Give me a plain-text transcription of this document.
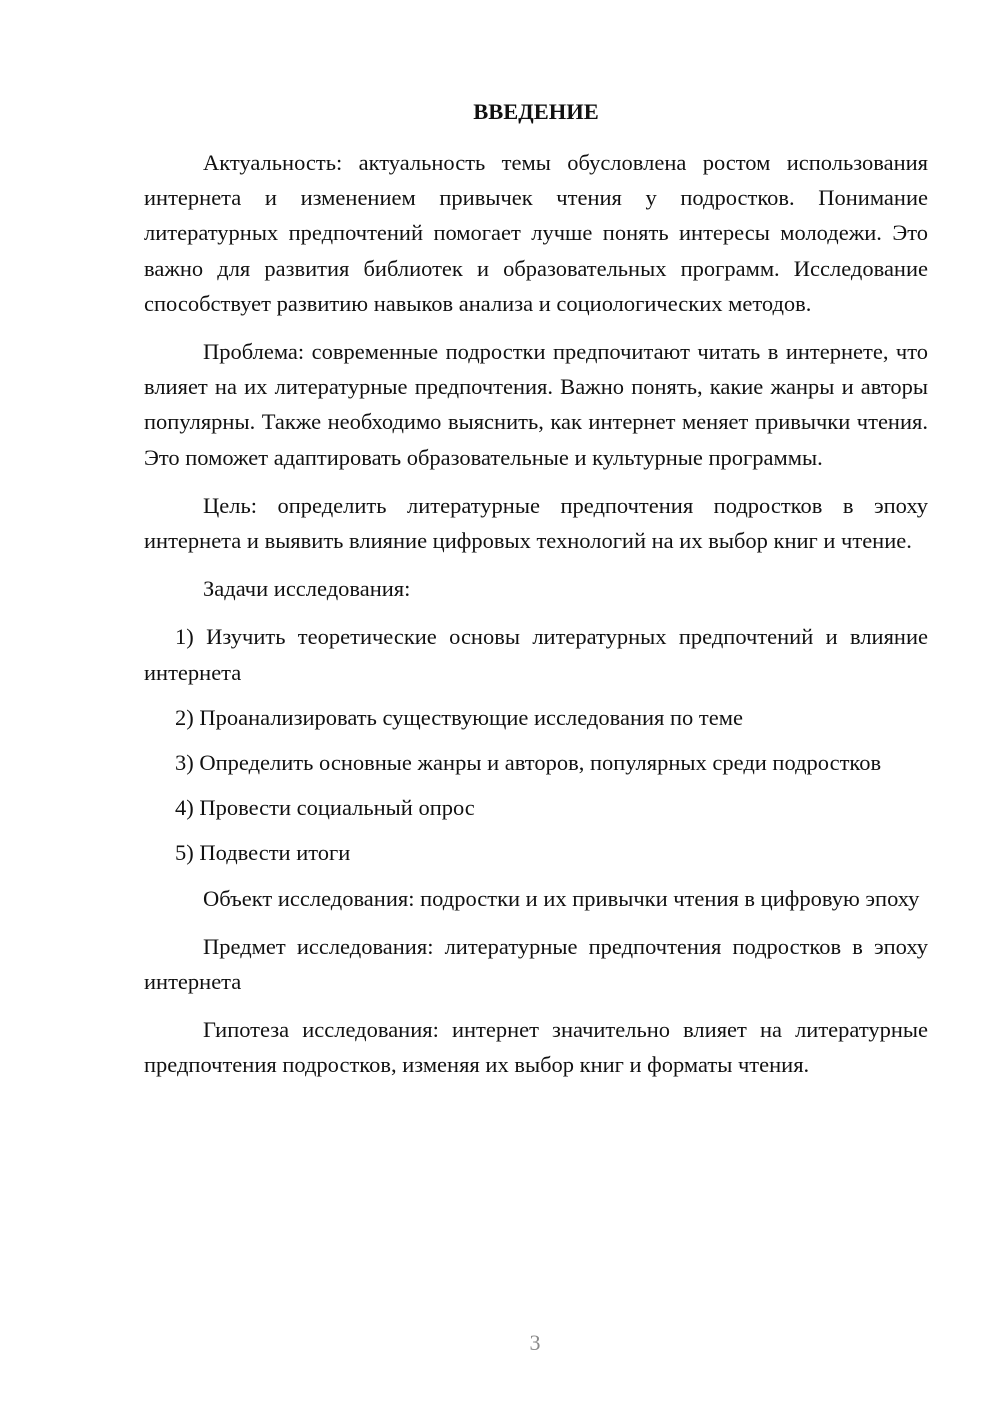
ВВЕДЕНИЕ

Актуальность: актуальность темы обусловлена ростом использования интернета и изменением привычек чтения у подростков. Понимание литературных предпочтений помогает лучше понять интересы молодежи. Это важно для развития библиотек и образовательных программ. Исследование способствует развитию навыков анализа и социологических методов.

Проблема: современные подростки предпочитают читать в интернете, что влияет на их литературные предпочтения. Важно понять, какие жанры и авторы популярны. Также необходимо выяснить, как интернет меняет привычки чтения. Это поможет адаптировать образовательные и культурные программы.

Цель: определить литературные предпочтения подростков в эпоху интернета и выявить влияние цифровых технологий на их выбор книг и чтение.

Задачи исследования:

1) Изучить теоретические основы литературных предпочтений и влияние интернета

2) Проанализировать существующие исследования по теме

3) Определить основные жанры и авторов, популярных среди подростков

4) Провести социальный опрос

5) Подвести итоги

Объект исследования: подростки и их привычки чтения в цифровую эпоху

Предмет исследования: литературные предпочтения подростков в эпоху интернета

Гипотеза исследования: интернет значительно влияет на литературные предпочтения подростков, изменяя их выбор книг и форматы чтения.

3
